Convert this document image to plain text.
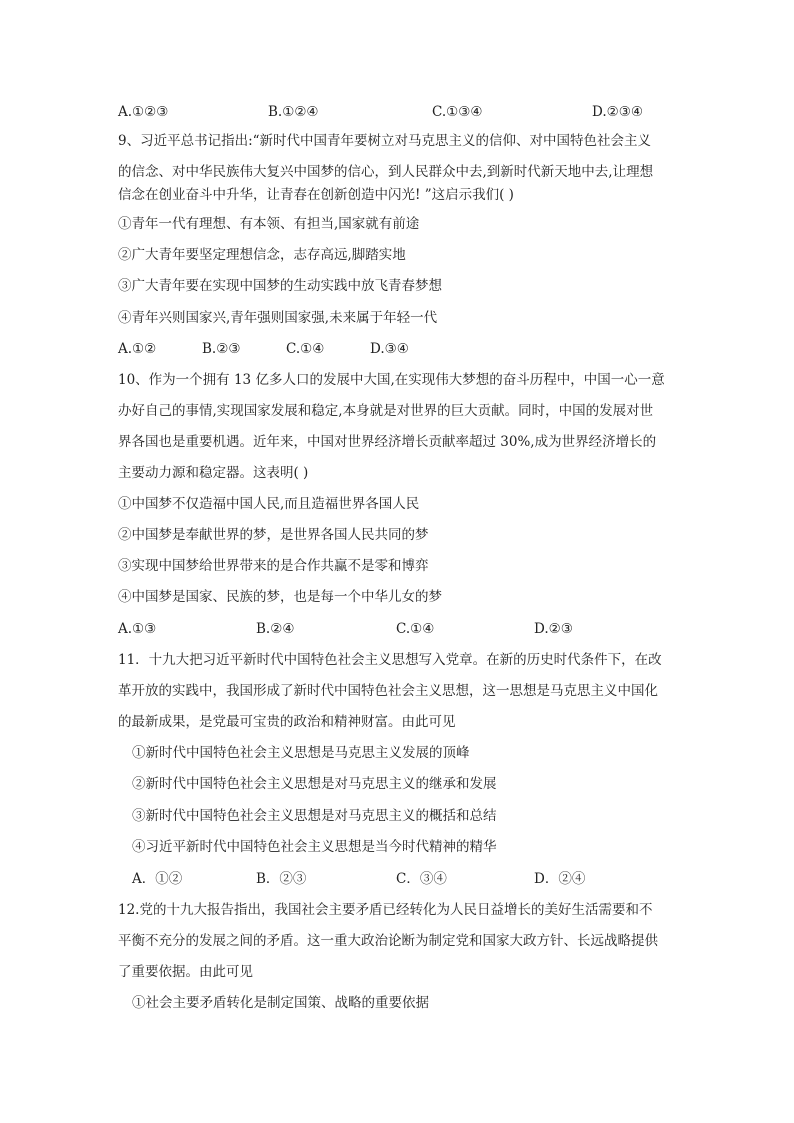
A.①②③	B.①②④	C.①③④	D.②③④
9、习近平总书记指出:“新时代中国青年要树立对马克思主义的信仰、对中国特色社会主义
的信念、对中华民族伟大复兴中国梦的信心，到人民群众中去,到新时代新天地中去,让理想
信念在创业奋斗中升华，让青春在创新创造中闪光! ”这启示我们( )
①青年一代有理想、有本领、有担当,国家就有前途
②广大青年要坚定理想信念，志存高远,脚踏实地
③广大青年要在实现中国梦的生动实践中放飞青春梦想
④青年兴则国家兴,青年强则国家强,未来属于年轻一代
A.①②	B.②③	C.①④	D.③④
10、作为一个拥有 13 亿多人口的发展中大国,在实现伟大梦想的奋斗历程中，中国一心一意
办好自己的事情,实现国家发展和稳定,本身就是对世界的巨大贡献。同时，中国的发展对世
界各国也是重要机遇。近年来，中国对世界经济增长贡献率超过 30%,成为世界经济增长的
主要动力源和稳定器。这表明( )
①中国梦不仅造福中国人民,而且造福世界各国人民
②中国梦是奉献世界的梦，是世界各国人民共同的梦
③实现中国梦给世界带来的是合作共赢不是零和博弈
④中国梦是国家、民族的梦，也是每一个中华儿女的梦
A.①③	B.②④	C.①④	D.②③
11．十九大把习近平新时代中国特色社会主义思想写入党章。在新的历史时代条件下，在改
革开放的实践中，我国形成了新时代中国特色社会主义思想，这一思想是马克思主义中国化
的最新成果，是党最可宝贵的政治和精神财富。由此可见
①新时代中国特色社会主义思想是马克思主义发展的顶峰
②新时代中国特色社会主义思想是对马克思主义的继承和发展
③新时代中国特色社会主义思想是对马克思主义的概括和总结
④习近平新时代中国特色社会主义思想是当今时代精神的精华
A．①②	B．②③	C．③④	D．②④
12.党的十九大报告指出，我国社会主要矛盾已经转化为人民日益增长的美好生活需要和不
平衡不充分的发展之间的矛盾。这一重大政治论断为制定党和国家大政方针、长远战略提供
了重要依据。由此可见
①社会主要矛盾转化是制定国策、战略的重要依据
